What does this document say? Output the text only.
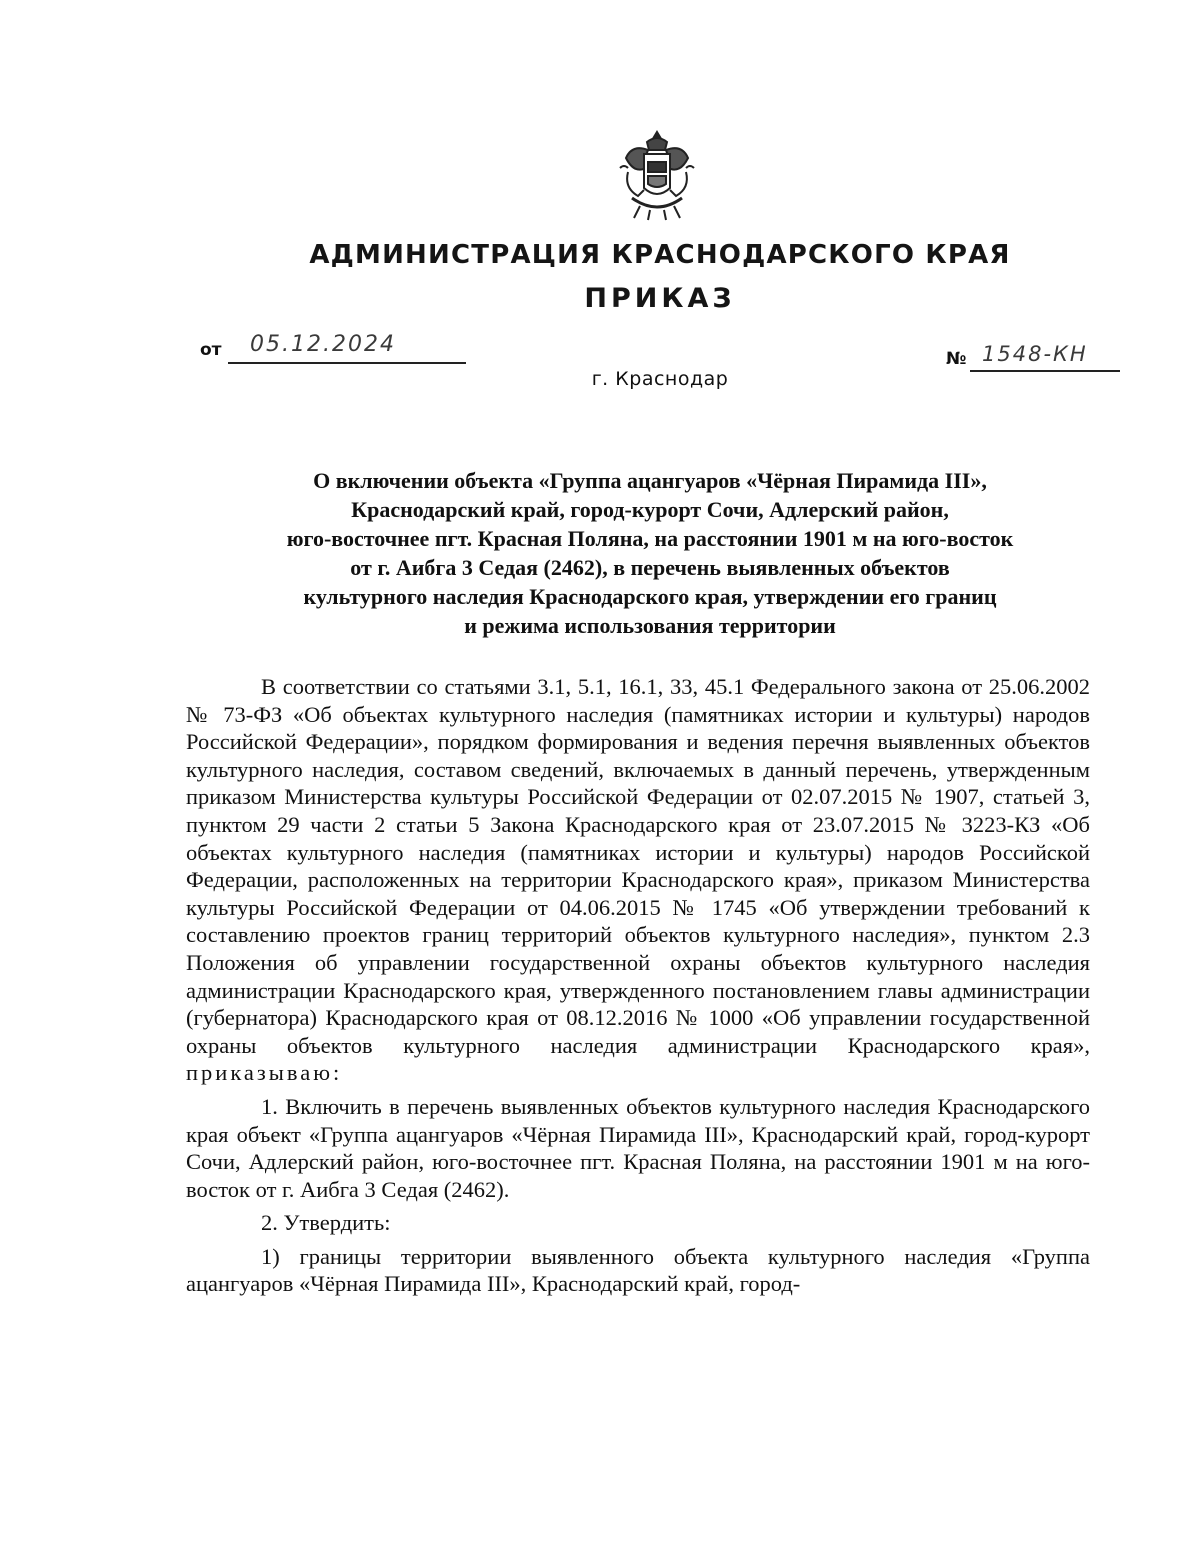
АДМИНИСТРАЦИЯ КРАСНОДАРСКОГО КРАЯ
ПРИКАЗ
от 05.12.2024
г. Краснодар
№ 1548-КН
О включении объекта «Группа ацангуаров «Чёрная Пирамида III»,
Краснодарский край, город-курорт Сочи, Адлерский район,
юго-восточнее пгт. Красная Поляна, на расстоянии 1901 м на юго-восток
от г. Аибга 3 Седая (2462), в перечень выявленных объектов
культурного наследия Краснодарского края, утверждении его границ
и режима использования территории

В соответствии со статьями 3.1, 5.1, 16.1, 33, 45.1 Федерального закона от 25.06.2002 № 73-ФЗ «Об объектах культурного наследия (памятниках истории и культуры) народов Российской Федерации», порядком формирования и ведения перечня выявленных объектов культурного наследия, составом сведений, включаемых в данный перечень, утвержденным приказом Министерства культуры Российской Федерации от 02.07.2015 № 1907, статьей 3, пунктом 29 части 2 статьи 5 Закона Краснодарского края от 23.07.2015 № 3223-КЗ «Об объектах культурного наследия (памятниках истории и культуры) народов Российской Федерации, расположенных на территории Краснодарского края», приказом Министерства культуры Российской Федерации от 04.06.2015 № 1745 «Об утверждении требований к составлению проектов границ территорий объектов культурного наследия», пунктом 2.3 Положения об управлении государственной охраны объектов культурного наследия администрации Краснодарского края, утвержденного постановлением главы администрации (губернатора) Краснодарского края от 08.12.2016 № 1000 «Об управлении государственной охраны объектов культурного наследия администрации Краснодарского края», приказываю:

1. Включить в перечень выявленных объектов культурного наследия Краснодарского края объект «Группа ацангуаров «Чёрная Пирамида III», Краснодарский край, город-курорт Сочи, Адлерский район, юго-восточнее пгт. Красная Поляна, на расстоянии 1901 м на юго-восток от г. Аибга 3 Седая (2462).

2. Утвердить:

1) границы территории выявленного объекта культурного наследия «Группа ацангуаров «Чёрная Пирамида III», Краснодарский край, город-
